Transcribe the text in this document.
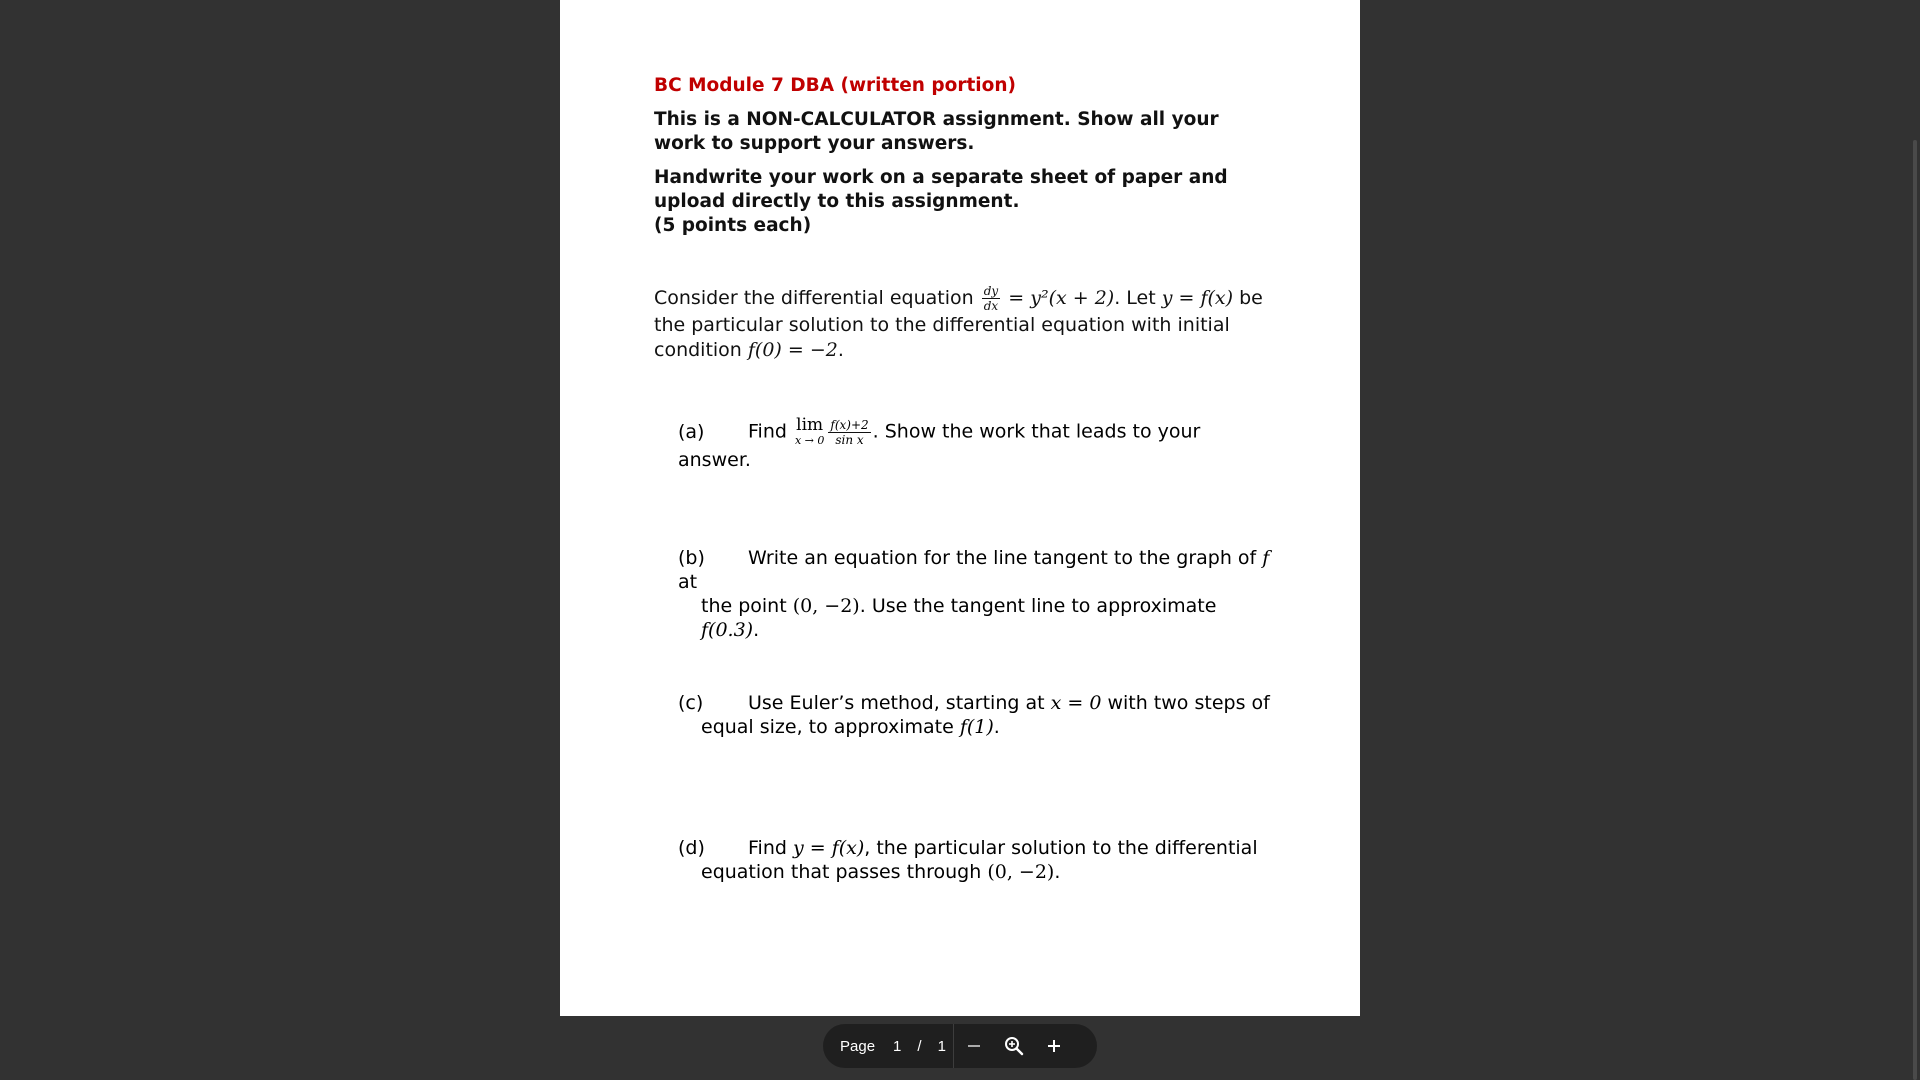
BC Module 7 DBA (written portion)
This is a NON-CALCULATOR assignment. Show all your work to support your answers.
Handwrite your work on a separate sheet of paper and upload directly to this assignment.
(5 points each)
Consider the differential equation $\frac{dy}{dx} = y^2(x + 2)$. Let y = f(x) be the particular solution to the differential equation with initial condition f(0) = −2.
(a) Find lim
$x \to 0 \frac{f(x)+2}{\text{sin x}}$ . Show the work that leads to your answer.
(b) Write an equation for the line tangent to the graph of f at
the point (0, −2). Use the tangent line to approximate f(0.3).
(c) Use Euler’s method, starting at x = 0 with two steps of
equal size, to approximate f(1).
(d) Find y = f(x), the particular solution to the differential
equation that passes through (0, −2).
Page 1 / 1
